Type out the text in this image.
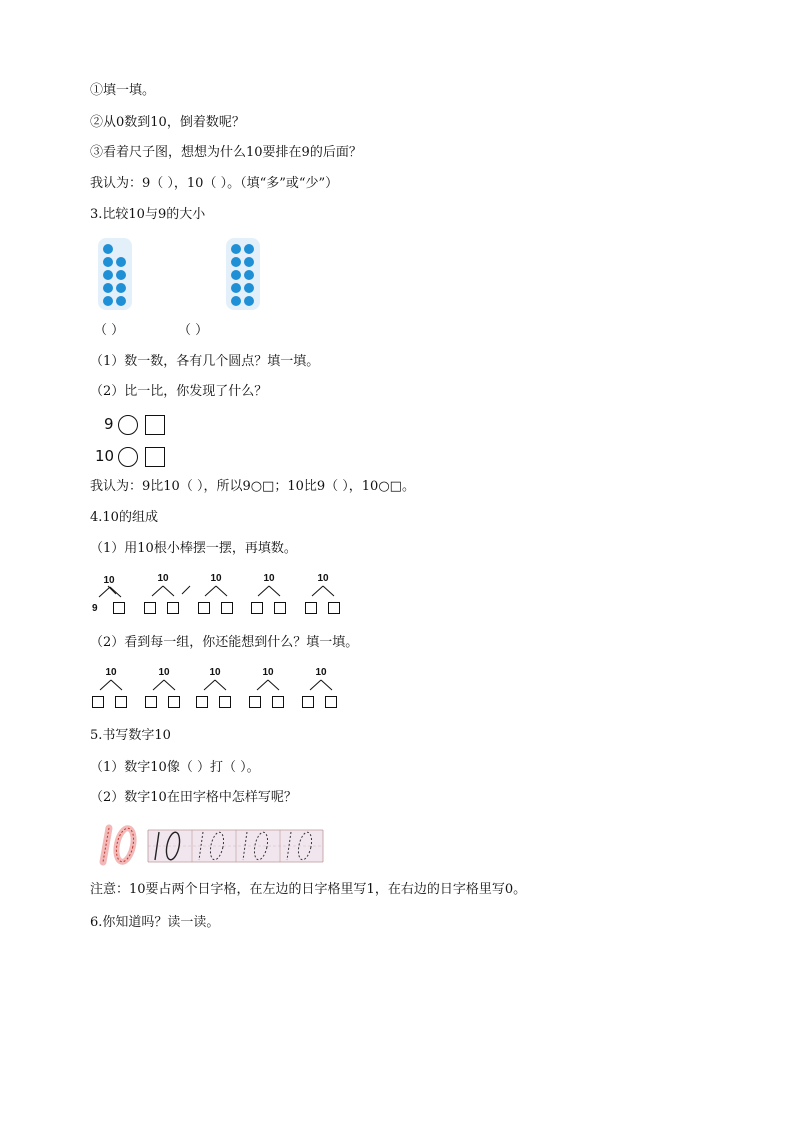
①填一填。
②从0数到10，倒着数呢？
③看着尺子图，想想为什么10要排在9的后面？
我认为：9（ ），10（ ）。（填“多”或“少”）
3.比较10与9的大小
（ ）	（ ）
（1）数一数，各有几个圆点？填一填。
（2）比一比，你发现了什么？
9
10
我认为：9比10（ ），所以9○□；10比9（ ），10○□。
4.10的组成
（1）用10根小棒摆一摆，再填数。
10
9
10	10	10	10
（2）看到每一组，你还能想到什么？填一填。
10	10	10	10	10
5.书写数字10
（1）数字10像（ ）打（ ）。
（2）数字10在田字格中怎样写呢？
注意：10要占两个日字格，在左边的日字格里写1，在右边的日字格里写0。
6.你知道吗？读一读。
